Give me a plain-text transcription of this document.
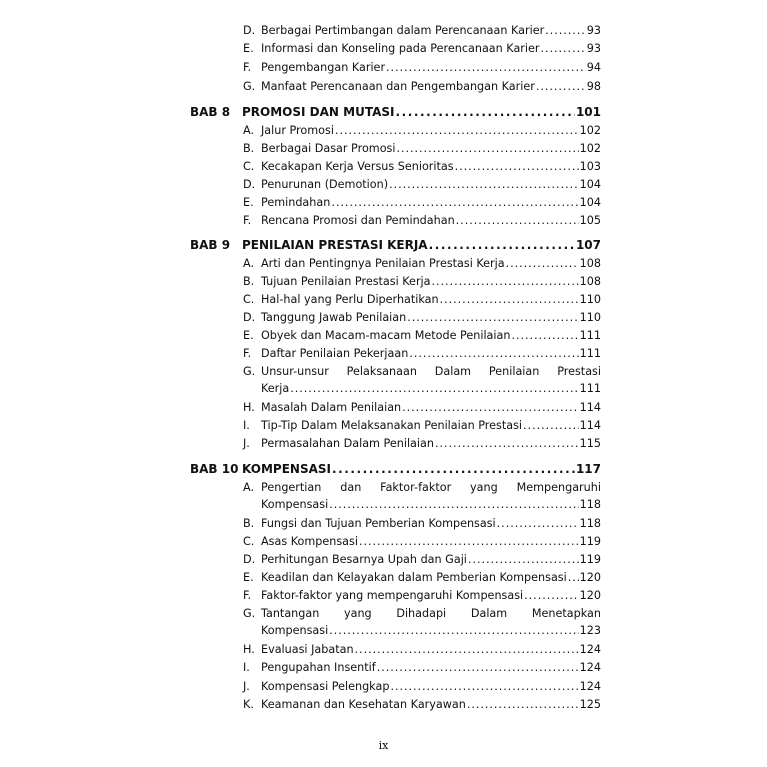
D. Berbagai Pertimbangan dalam Perencanaan Karier . . .	93
E. Informasi dan Konseling pada Perencanaan Karier . . .	93
F. Pengembangan Karier . . .	94
G. Manfaat Perencanaan dan Pengembangan Karier . . .	98
BAB 8 PROMOSI DAN MUTASI . . .	101
A. Jalur Promosi . . .	102
B. Berbagai Dasar Promosi . . .	102
C. Kecakapan Kerja Versus Senioritas . . .	103
D. Penurunan (Demotion) . . .	104
E. Pemindahan . . .	104
F. Rencana Promosi dan Pemindahan . . .	105
BAB 9 PENILAIAN PRESTASI KERJA . . .	107
A. Arti dan Pentingnya Penilaian Prestasi Kerja . . .	108
B. Tujuan Penilaian Prestasi Kerja . . .	108
C. Hal-hal yang Perlu Diperhatikan . . .	110
D. Tanggung Jawab Penilaian . . .	110
E. Obyek dan Macam-macam Metode Penilaian . . .	111
F. Daftar Penilaian Pekerjaan . . .	111
G. Unsur-unsur Pelaksanaan Dalam Penilaian Prestasi
Kerja . . .	111
H. Masalah Dalam Penilaian . . .	114
I. Tip-Tip Dalam Melaksanakan Penilaian Prestasi . . .	114
J. Permasalahan Dalam Penilaian . . .	115
BAB 10 KOMPENSASI . . .	117
A. Pengertian dan Faktor-faktor yang Mempengaruhi
Kompensasi . . .	118
B. Fungsi dan Tujuan Pemberian Kompensasi . . .	118
C. Asas Kompensasi . . .	119
D. Perhitungan Besarnya Upah dan Gaji . . .	119
E. Keadilan dan Kelayakan dalam Pemberian Kompensasi . . . 120
F. Faktor-faktor yang mempengaruhi Kompensasi . . .	120
G. Tantangan yang Dihadapi Dalam Menetapkan
Kompensasi . . .	123
H. Evaluasi Jabatan . . .	124
I. Pengupahan Insentif . . .	124
J. Kompensasi Pelengkap . . .	124
K. Keamanan dan Kesehatan Karyawan . . .	125
ix
